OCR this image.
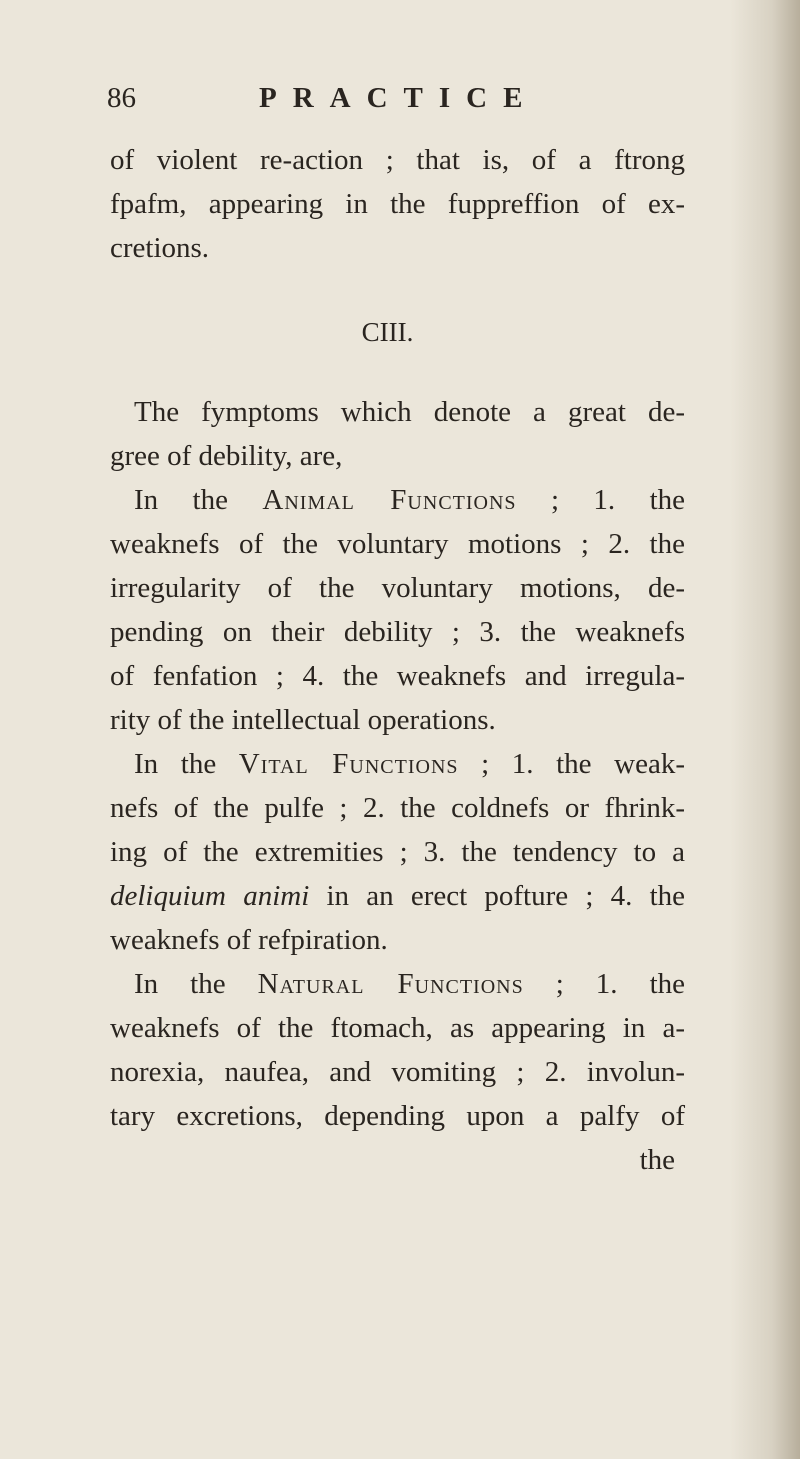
86	PRACTICE
of violent re-action ; that is, of a ftrong
fpafm, appearing in the fuppreffion of ex-
cretions.
CIII.
The fymptoms which denote a great de-
gree of debility, are,
In the Animal Functions ; 1. the
weaknefs of the voluntary motions ; 2. the
irregularity of the voluntary motions, de-
pending on their debility ; 3. the weaknefs
of fenfation ; 4. the weaknefs and irregula-
rity of the intellectual operations.
In the Vital Functions ; 1. the weak-
nefs of the pulfe ; 2. the coldnefs or fhrink-
ing of the extremities ; 3. the tendency to a
deliquium animi in an erect pofture ; 4. the
weaknefs of refpiration.
In the Natural Functions ; 1. the
weaknefs of the ftomach, as appearing in a-
norexia, naufea, and vomiting ; 2. involun-
tary excretions, depending upon a palfy of
the
